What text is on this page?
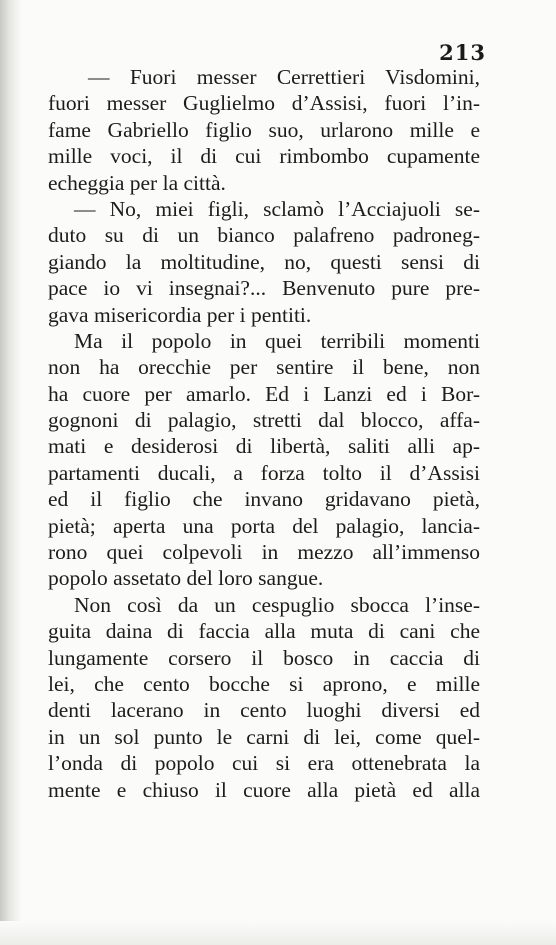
213
— Fuori messer Cerrettieri Visdomini,
fuori messer Guglielmo d’Assisi, fuori l’in-
fame Gabriello figlio suo, urlarono mille e
mille voci, il di cui rimbombo cupamente
echeggia per la città.
— No, miei figli, sclamò l’Acciajuoli se-
duto su di un bianco palafreno padroneg-
giando la moltitudine, no, questi sensi di
pace io vi insegnai?... Benvenuto pure pre-
gava misericordia per i pentiti.
Ma il popolo in quei terribili momenti
non ha orecchie per sentire il bene, non
ha cuore per amarlo. Ed i Lanzi ed i Bor-
gognoni di palagio, stretti dal blocco, affa-
mati e desiderosi di libertà, saliti alli ap-
partamenti ducali, a forza tolto il d’Assisi
ed il figlio che invano gridavano pietà,
pietà; aperta una porta del palagio, lancia-
rono quei colpevoli in mezzo all’immenso
popolo assetato del loro sangue.
Non così da un cespuglio sbocca l’inse-
guita daina di faccia alla muta di cani che
lungamente corsero il bosco in caccia di
lei, che cento bocche si aprono, e mille
denti lacerano in cento luoghi diversi ed
in un sol punto le carni di lei, come quel-
l’onda di popolo cui si era ottenebrata la
mente e chiuso il cuore alla pietà ed alla
